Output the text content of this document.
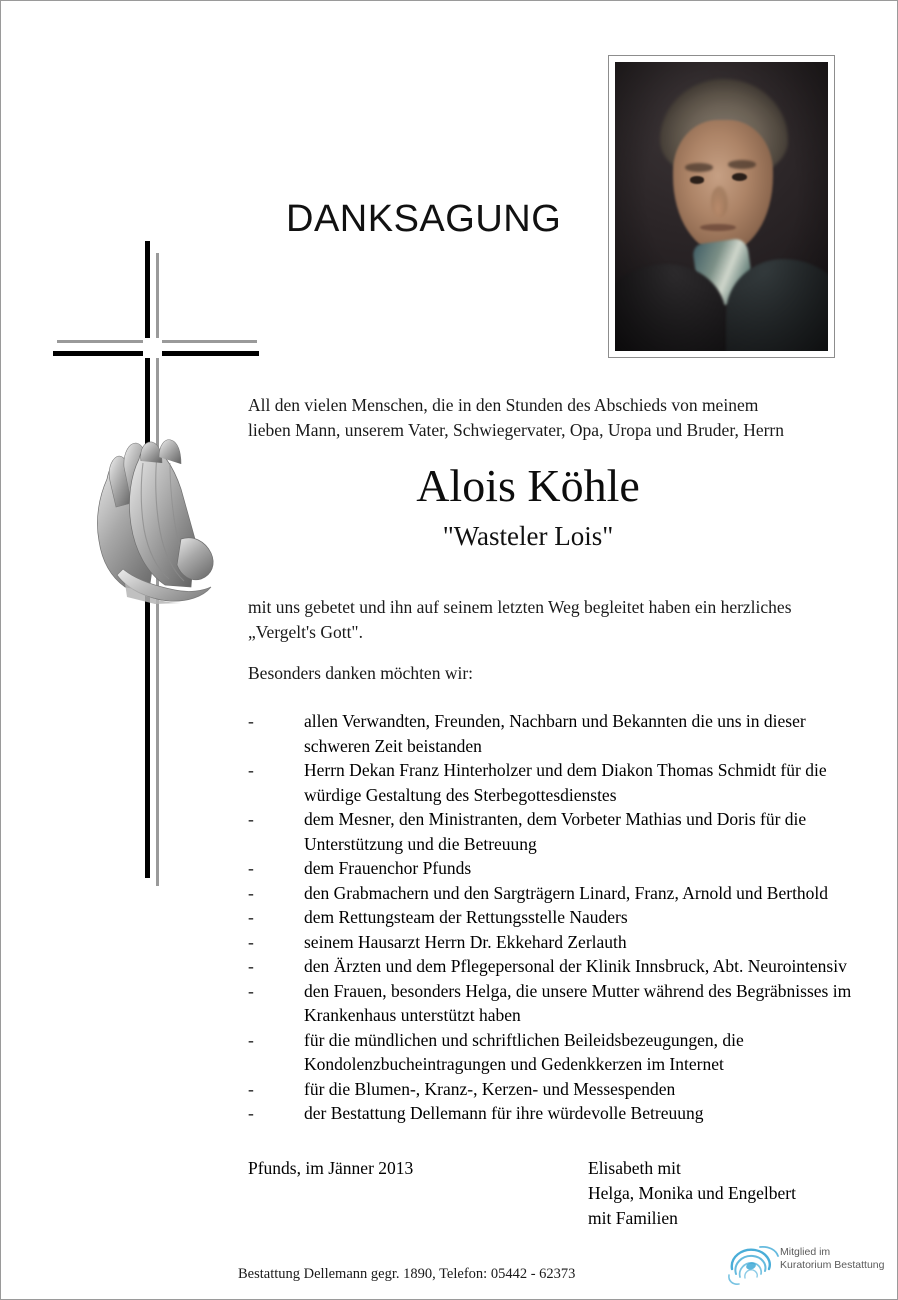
DANKSAGUNG

All den vielen Menschen, die in den Stunden des Abschieds von meinem

lieben Mann, unserem Vater, Schwiegervater, Opa, Uropa und Bruder, Herrn

Alois Köhle
"Wasteler Lois"

mit uns gebetet und ihn auf seinem letzten Weg begleitet haben ein herzliches

„Vergelt's Gott".

Besonders danken möchten wir:
-	allen Verwandten, Freunden, Nachbarn und Bekannten die uns in dieser schweren Zeit beistanden
-	Herrn Dekan Franz Hinterholzer und dem Diakon Thomas Schmidt für die würdige Gestaltung des Sterbegottesdienstes
-	dem Mesner, den Ministranten, dem Vorbeter Mathias und Doris für die Unterstützung und die Betreuung
-	dem Frauenchor Pfunds
-	den Grabmachern und den Sargträgern Linard, Franz, Arnold und Berthold
-	dem Rettungsteam der Rettungsstelle Nauders
-	seinem Hausarzt Herrn Dr. Ekkehard Zerlauth
-	den Ärzten und dem Pflegepersonal der Klinik Innsbruck, Abt. Neurointensiv
-	den Frauen, besonders Helga, die unsere Mutter während des Begräbnisses im Krankenhaus unterstützt haben
-	für die mündlichen und schriftlichen Beileidsbezeugungen, die Kondolenzbucheintragungen und Gedenkkerzen im Internet
-	für die Blumen-, Kranz-, Kerzen- und Messespenden
-	der Bestattung Dellemann für ihre würdevolle Betreuung
Pfunds, im Jänner 2013	Elisabeth mit
Helga, Monika und Engelbert
mit Familien
Bestattung Dellemann gegr. 1890, Telefon: 05442 - 62373
Mitglied im
Kuratorium Bestattung
